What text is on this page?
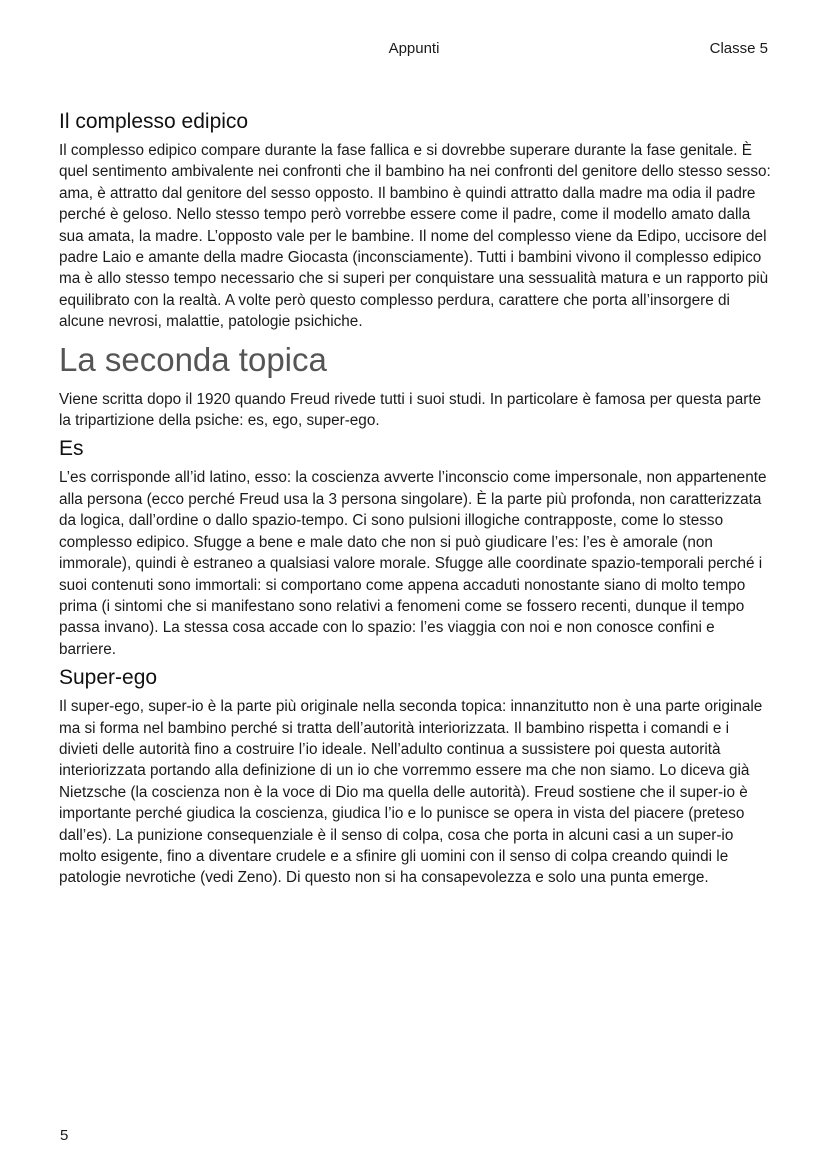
Appunti	Classe 5
Il complesso edipico

Il complesso edipico compare durante la fase fallica e si dovrebbe superare durante la fase genitale. È quel sentimento ambivalente nei confronti che il bambino ha nei confronti del genitore dello stesso sesso: ama, è attratto dal genitore del sesso opposto. Il bambino è quindi attratto dalla madre ma odia il padre perché è geloso. Nello stesso tempo però vorrebbe essere come il padre, come il modello amato dalla sua amata, la madre. L’opposto vale per le bambine. Il nome del complesso viene da Edipo, uccisore del padre Laio e amante della madre Giocasta (inconsciamente). Tutti i bambini vivono il complesso edipico ma è allo stesso tempo necessario che si superi per conquistare una sessualità matura e un rapporto più equilibrato con la realtà. A volte però questo complesso perdura, carattere che porta all’insorgere di alcune nevrosi, malattie, patologie psichiche.

La seconda topica

Viene scritta dopo il 1920 quando Freud rivede tutti i suoi studi. In particolare è famosa per questa parte la tripartizione della psiche: es, ego, super-ego.

Es

L’es corrisponde all’id latino, esso: la coscienza avverte l’inconscio come impersonale, non appartenente alla persona (ecco perché Freud usa la 3 persona singolare). È la parte più profonda, non caratterizzata da logica, dall’ordine o dallo spazio-tempo. Ci sono pulsioni illogiche contrapposte, come lo stesso complesso edipico. Sfugge a bene e male dato che non si può giudicare l’es: l’es è amorale (non immorale), quindi è estraneo a qualsiasi valore morale. Sfugge alle coordinate spazio-temporali perché i suoi contenuti sono immortali: si comportano come appena accaduti nonostante siano di molto tempo prima (i sintomi che si manifestano sono relativi a fenomeni come se fossero recenti, dunque il tempo passa invano). La stessa cosa accade con lo spazio: l’es viaggia con noi e non conosce confini e barriere.

Super-ego

Il super-ego, super-io è la parte più originale nella seconda topica: innanzitutto non è una parte originale ma si forma nel bambino perché si tratta dell’autorità interiorizzata. Il bambino rispetta i comandi e i divieti delle autorità fino a costruire l’io ideale. Nell’adulto continua a sussistere poi questa autorità interiorizzata portando alla definizione di un io che vorremmo essere ma che non siamo. Lo diceva già Nietzsche (la coscienza non è la voce di Dio ma quella delle autorità). Freud sostiene che il super-io è importante perché giudica la coscienza, giudica l’io e lo punisce se opera in vista del piacere (preteso dall’es). La punizione consequenziale è il senso di colpa, cosa che porta in alcuni casi a un super-io molto esigente, fino a diventare crudele e a sfinire gli uomini con il senso di colpa creando quindi le patologie nevrotiche (vedi Zeno). Di questo non si ha consapevolezza e solo una punta emerge.

5
